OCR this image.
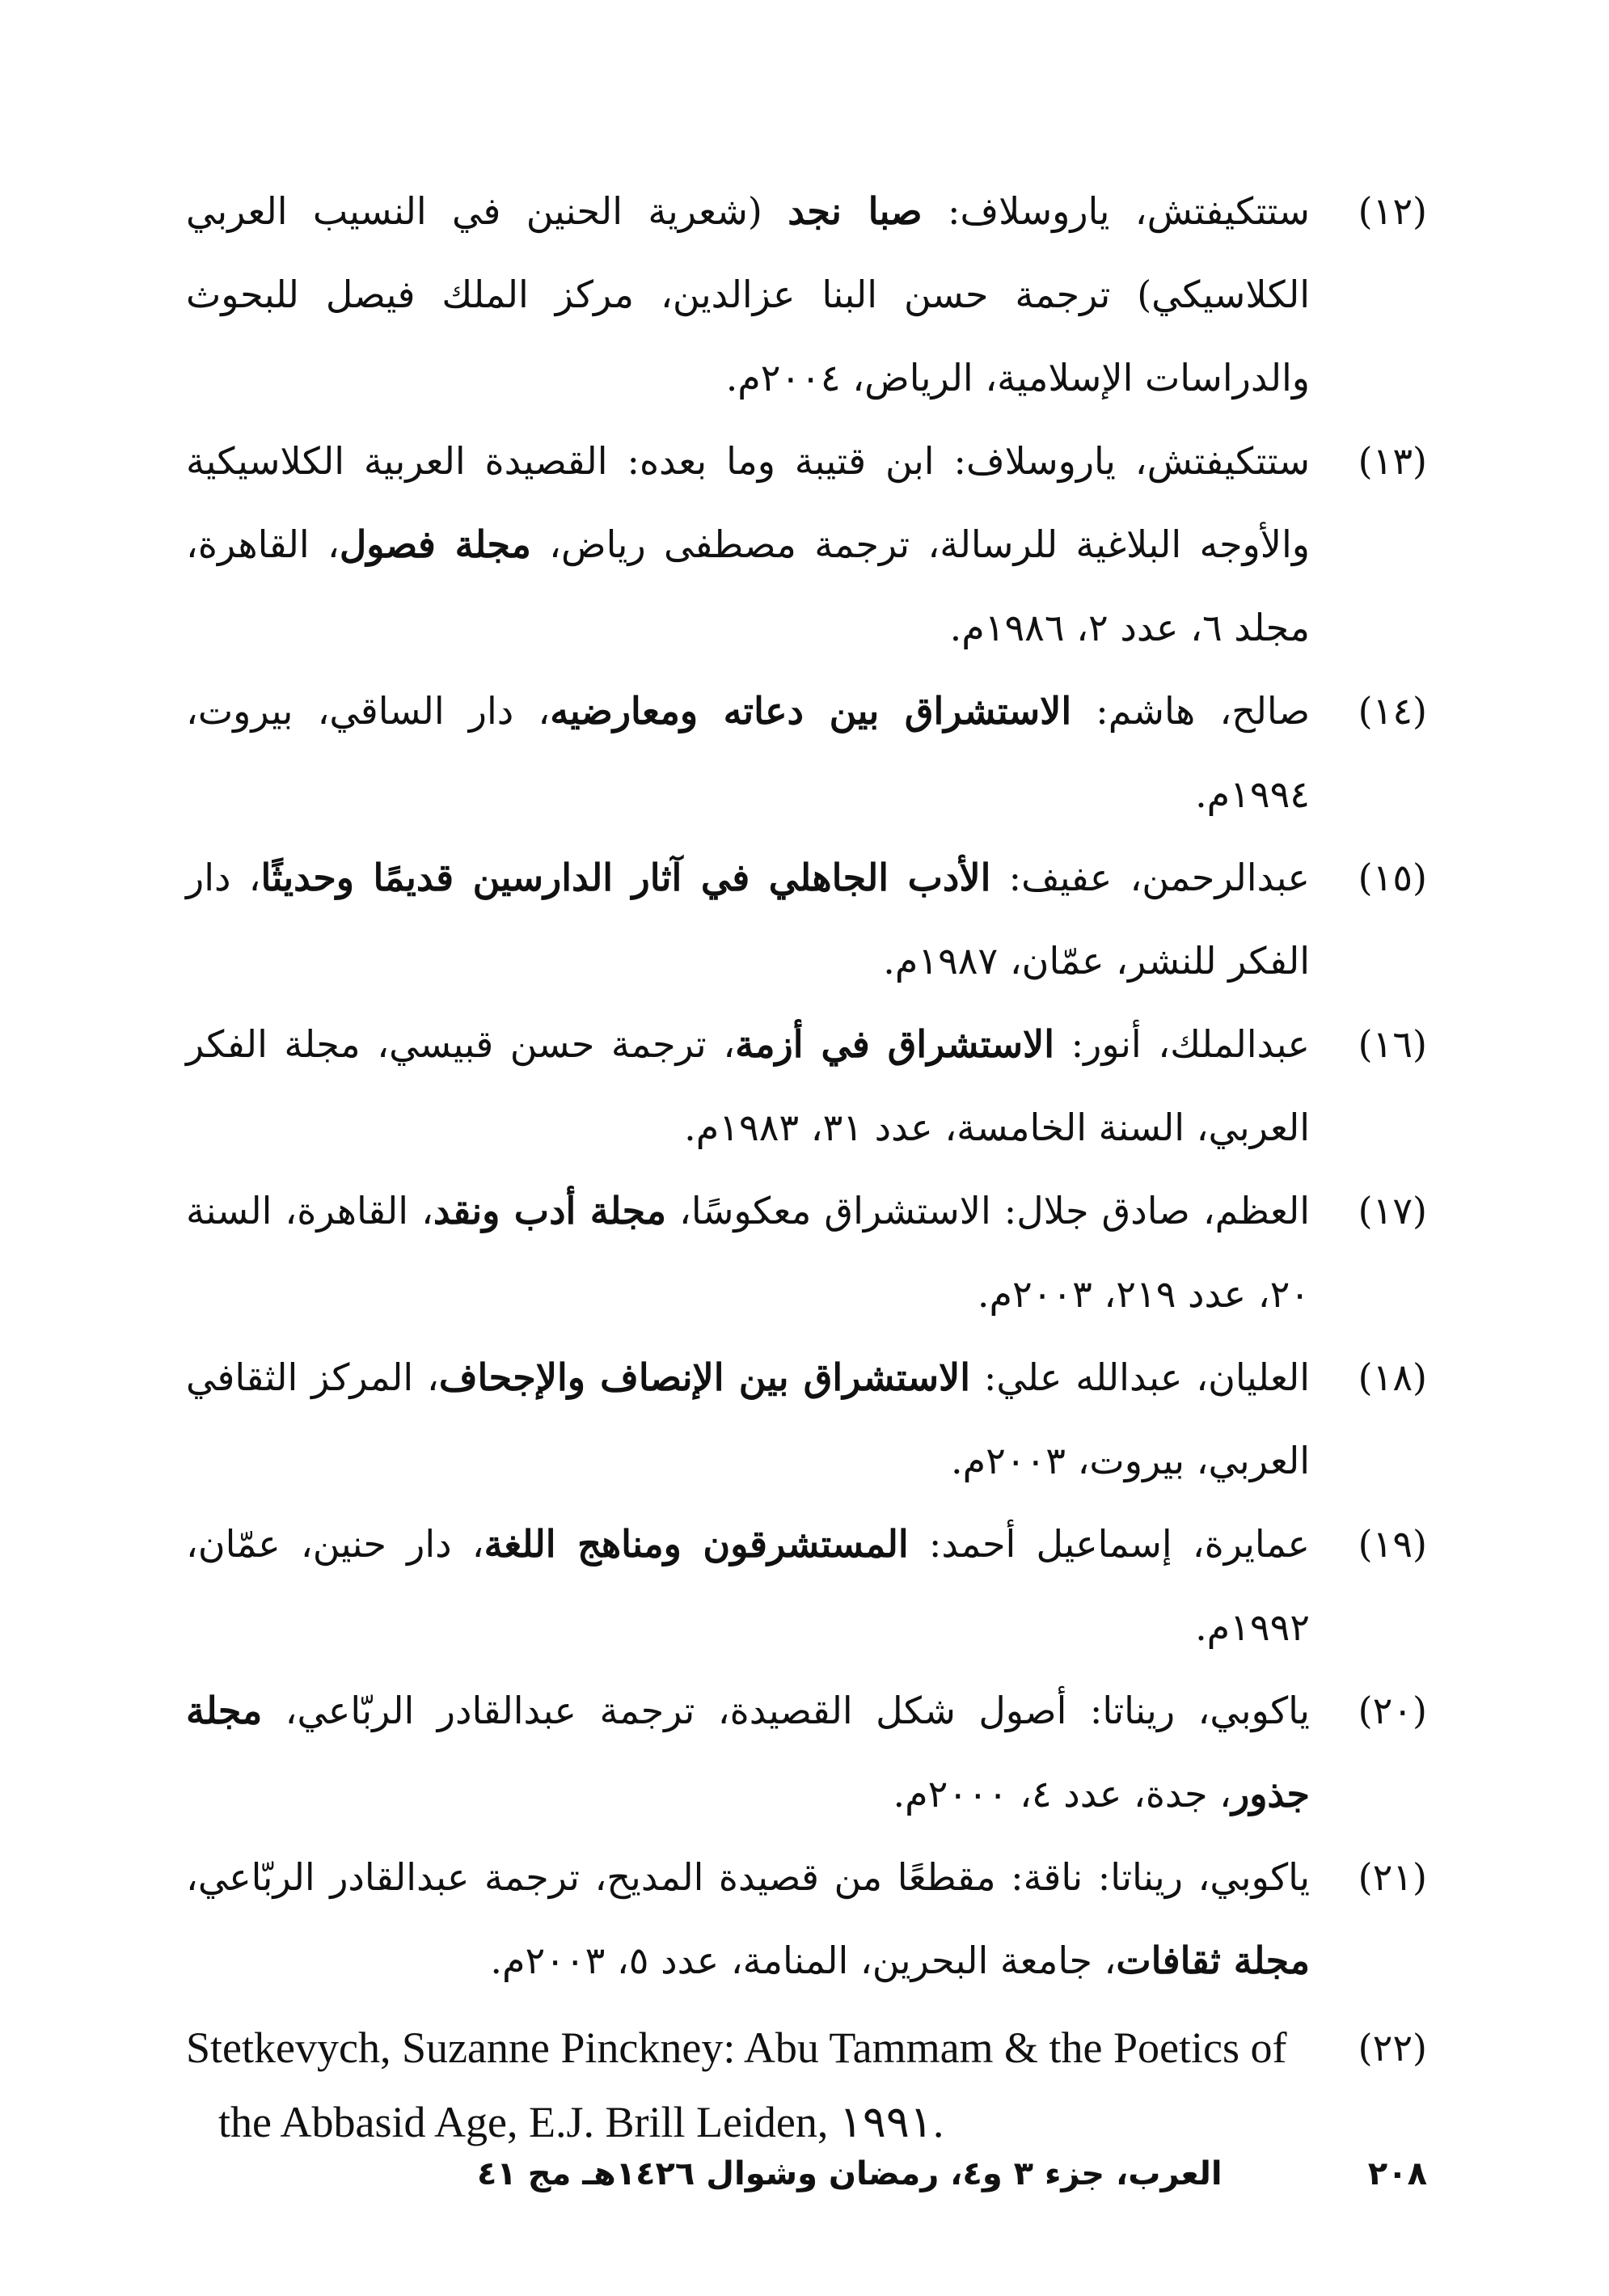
(١٢)
ستتكيفتش، ياروسلاف: صبا نجد (شعرية الحنين في النسيب العربي الكلاسيكي) ترجمة حسن البنا عزالدين، مركز الملك فيصل للبحوث والدراسات الإسلامية، الرياض، ٢٠٠٤م.

(١٣)
ستتكيفتش، ياروسلاف: ابن قتيبة وما بعده: القصيدة العربية الكلاسيكية والأوجه البلاغية للرسالة، ترجمة مصطفى رياض، مجلة فصول، القاهرة، مجلد ٦، عدد ٢، ١٩٨٦م.

(١٤)
صالح، هاشم: الاستشراق بين دعاته ومعارضيه، دار الساقي، بيروت، ١٩٩٤م.

(١٥)
عبدالرحمن، عفيف: الأدب الجاهلي في آثار الدارسين قديمًا وحديثًا، دار الفكر للنشر، عمّان، ١٩٨٧م.

(١٦)
عبدالملك، أنور: الاستشراق في أزمة، ترجمة حسن قبيسي، مجلة الفكر العربي، السنة الخامسة، عدد ٣١، ١٩٨٣م.

(١٧)
العظم، صادق جلال: الاستشراق معكوسًا، مجلة أدب ونقد، القاهرة، السنة ٢٠، عدد ٢١٩، ٢٠٠٣م.

(١٨)
العليان، عبدالله علي: الاستشراق بين الإنصاف والإجحاف، المركز الثقافي العربي، بيروت، ٢٠٠٣م.

(١٩)
عمايرة، إسماعيل أحمد: المستشرقون ومناهج اللغة، دار حنين، عمّان، ١٩٩٢م.

(٢٠)
ياكوبي، ريناتا: أصول شكل القصيدة، ترجمة عبدالقادر الربّاعي، مجلة جذور، جدة، عدد ٤، ٢٠٠٠م.

(٢١)
ياكوبي، ريناتا: ناقة: مقطعًا من قصيدة المديح، ترجمة عبدالقادر الربّاعي، مجلة ثقافات، جامعة البحرين، المنامة، عدد ٥، ٢٠٠٣م.

(٢٢)
Stetkevych, Suzanne Pinckney: Abu Tammam & the Poetics of
the Abbasid Age, E.J. Brill Leiden, ١٩٩١.
٢٠٨
العرب، جزء ٣ و٤، رمضان وشوال ١٤٢٦هـ مج ٤١
